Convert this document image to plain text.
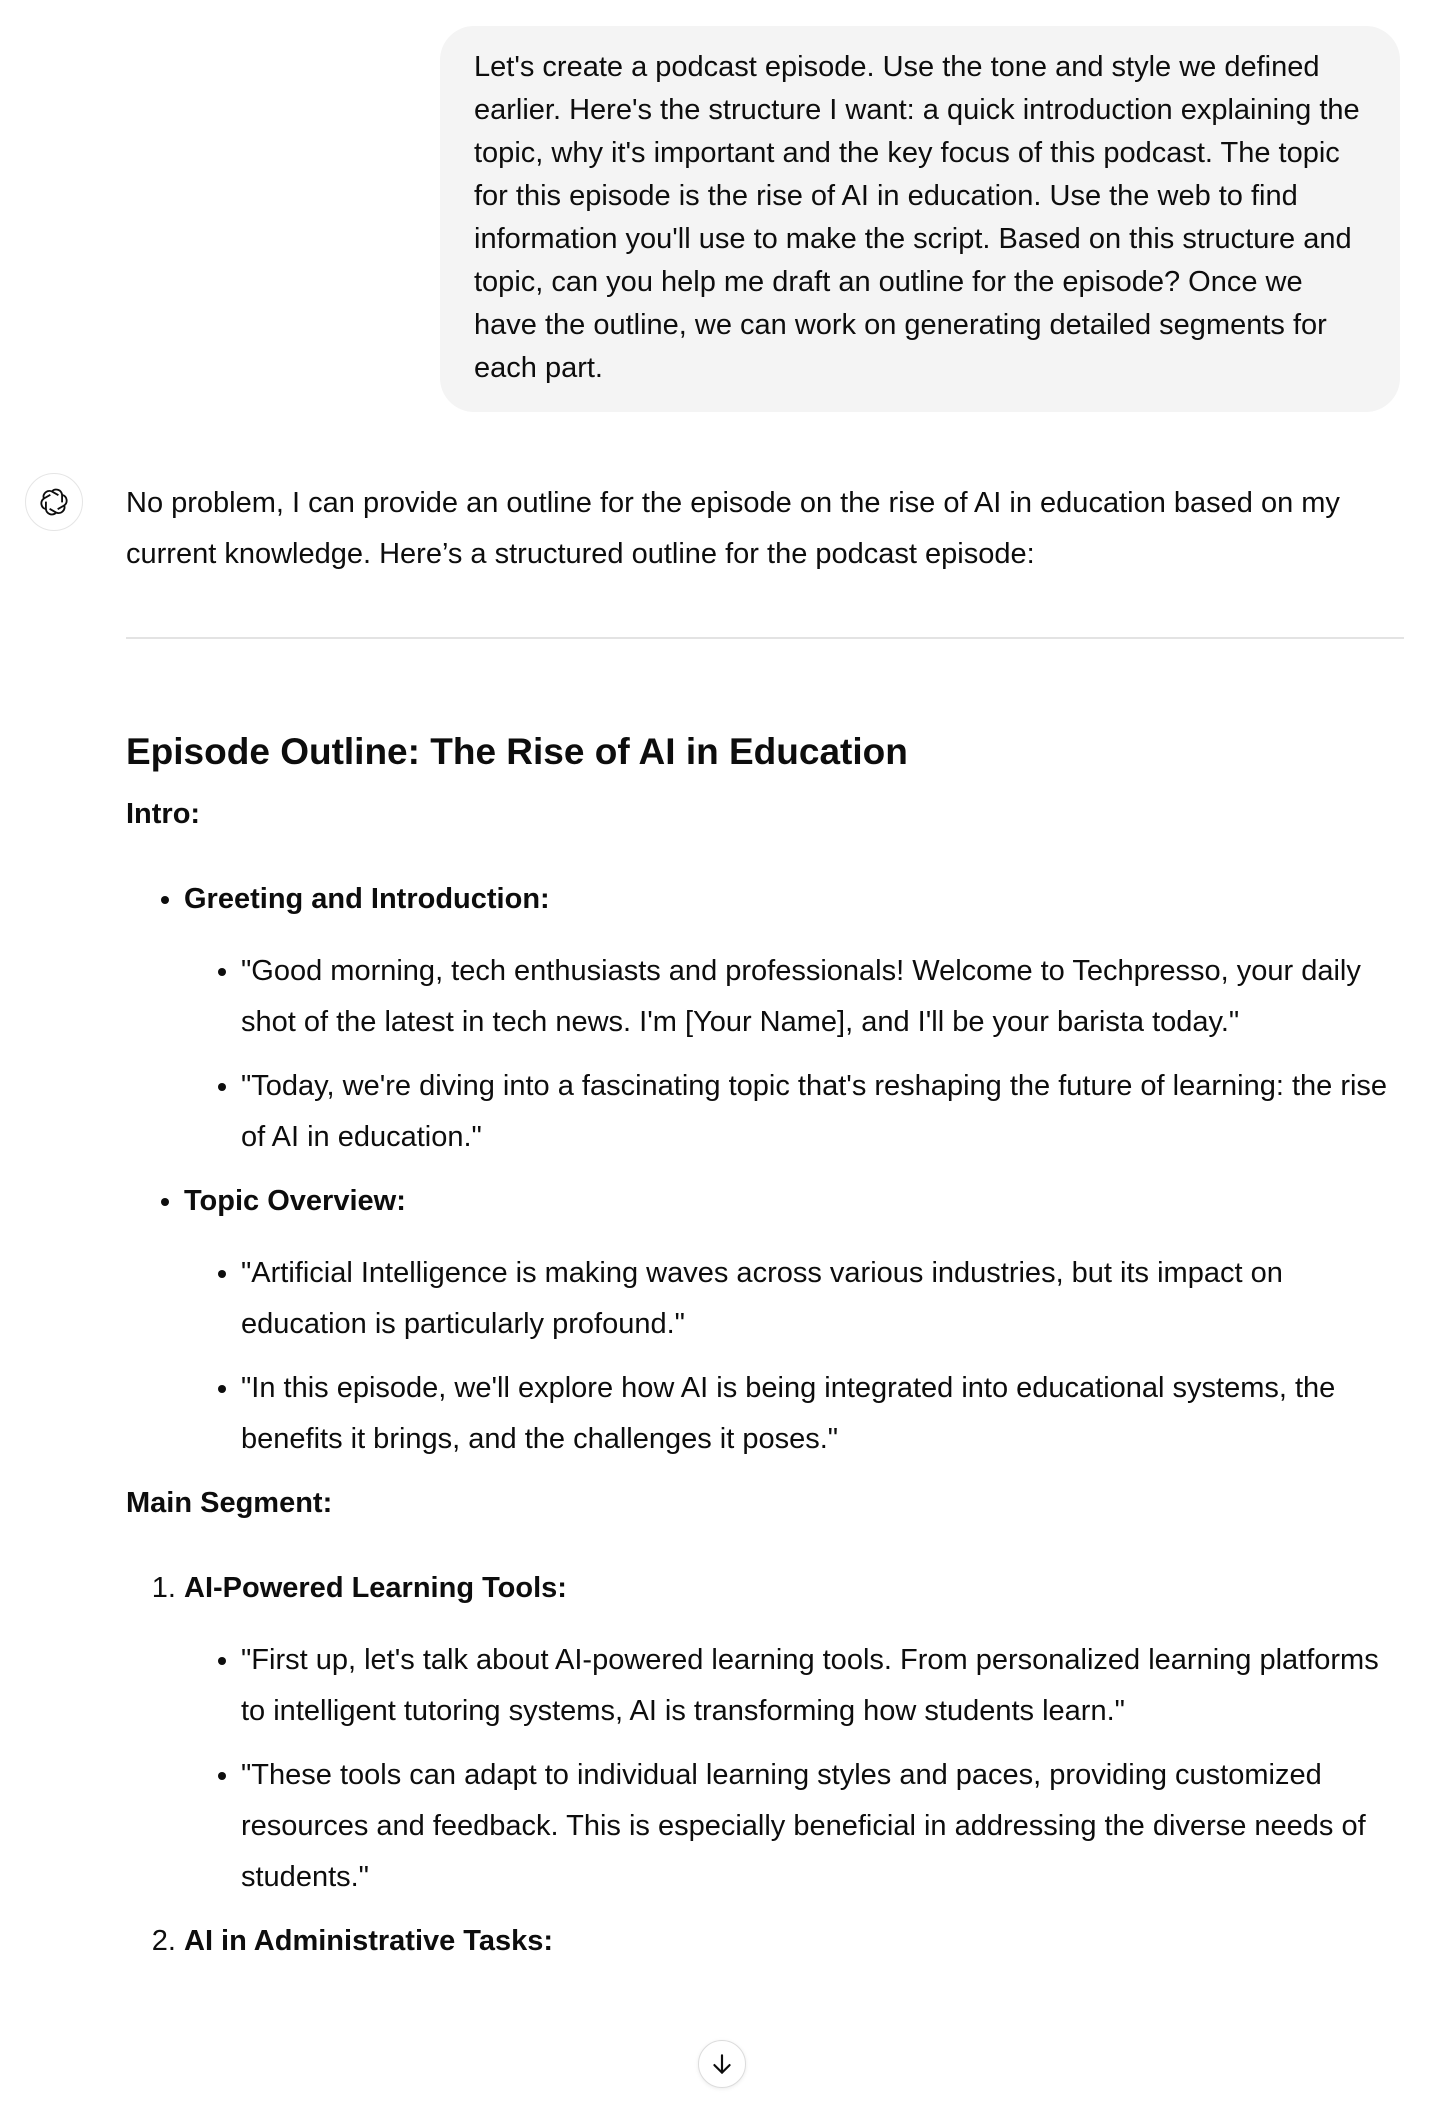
Let's create a podcast episode. Use the tone and style we defined earlier. Here's the structure I want: a quick introduction explaining the topic, why it's important and the key focus of this podcast. The topic for this episode is the rise of AI in education. Use the web to find information you'll use to make the script. Based on this structure and topic, can you help me draft an outline for the episode? Once we have the outline, we can work on generating detailed segments for each part.

No problem, I can provide an outline for the episode on the rise of AI in education based on my current knowledge. Here’s a structured outline for the podcast episode:

Episode Outline: The Rise of AI in Education

Intro:

• Greeting and Introduction:
• "Good morning, tech enthusiasts and professionals! Welcome to Techpresso, your daily shot of the latest in tech news. I'm [Your Name], and I'll be your barista today."
• "Today, we're diving into a fascinating topic that's reshaping the future of learning: the rise of AI in education."
• Topic Overview:
• "Artificial Intelligence is making waves across various industries, but its impact on education is particularly profound."
• "In this episode, we'll explore how AI is being integrated into educational systems, the benefits it brings, and the challenges it poses."

Main Segment:

1. AI-Powered Learning Tools:
• "First up, let's talk about AI-powered learning tools. From personalized learning platforms to intelligent tutoring systems, AI is transforming how students learn."
• "These tools can adapt to individual learning styles and paces, providing customized resources and feedback. This is especially beneficial in addressing the diverse needs of students."
2. AI in Administrative Tasks:
